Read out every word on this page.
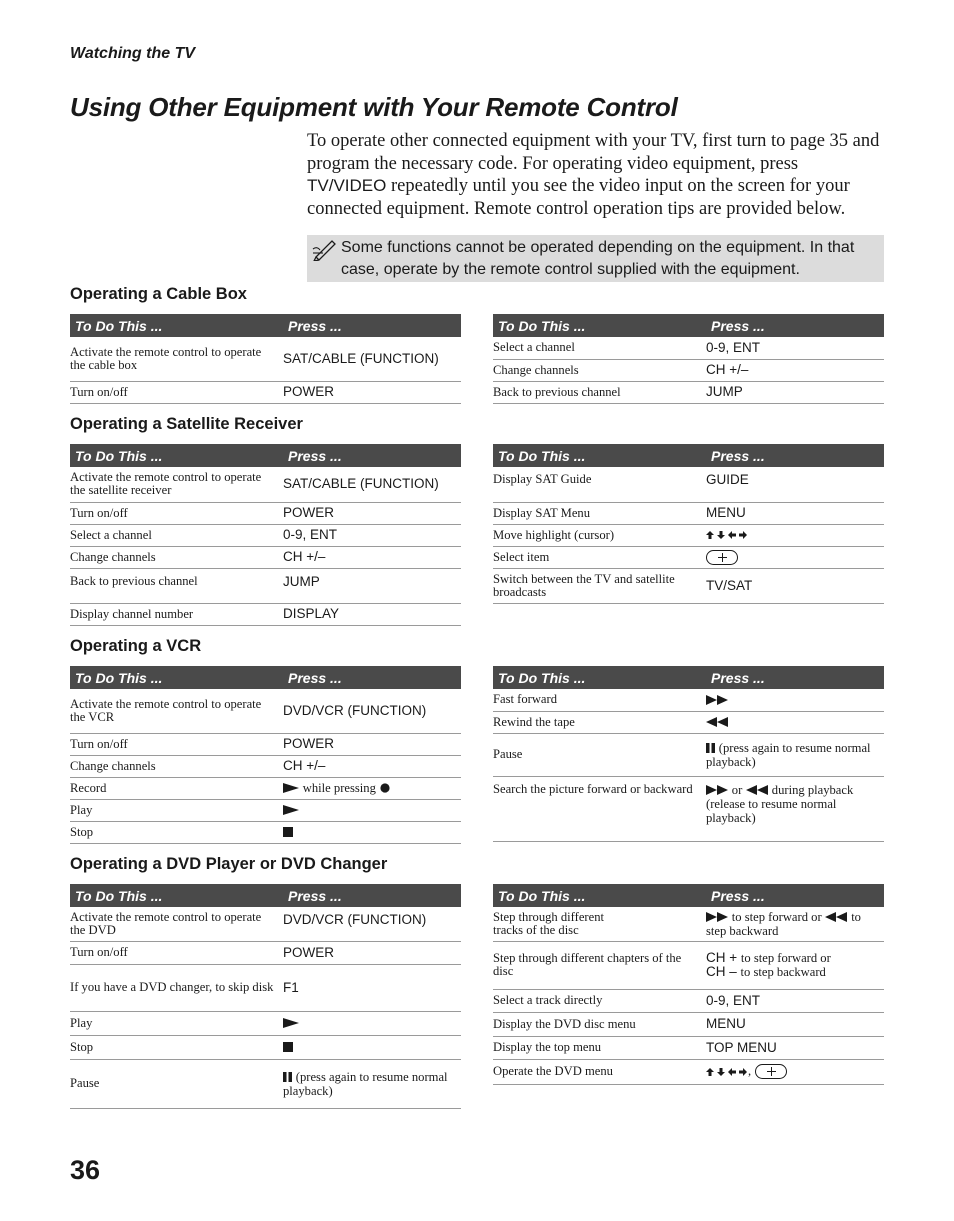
Watching the TV
Using Other Equipment with Your Remote Control
To operate other connected equipment with your TV, first turn to page 35 and program the necessary code. For operating video equipment, press TV/VIDEO repeatedly until you see the video input on the screen for your connected equipment. Remote control operation tips are provided below.
Some functions cannot be operated depending on the equipment. In that case, operate by the remote control supplied with the equipment.
Operating a Cable Box
To Do This ...	Press ...
Activate the remote control to operate the cable box	SAT/CABLE (FUNCTION)
Turn on/off	POWER
To Do This ...	Press ...
Select a channel	0-9, ENT
Change channels	CH +/–
Back to previous channel	JUMP
Operating a Satellite Receiver
To Do This ...	Press ...
Activate the remote control to operate the satellite receiver	SAT/CABLE (FUNCTION)
Turn on/off	POWER
Select a channel	0-9, ENT
Change channels	CH +/–
Back to previous channel	JUMP
Display channel number	DISPLAY
To Do This ...	Press ...
Display SAT Guide	GUIDE
Display SAT Menu	MENU
Move highlight (cursor)	
Select item	
Switch between the TV and satellite broadcasts	TV/SAT
Operating a VCR
To Do This ...	Press ...
Activate the remote control to operate the VCR	DVD/VCR (FUNCTION)
Turn on/off	POWER
Change channels	CH +/–
Record	while pressing
Play	
Stop	
To Do This ...	Press ...
Fast forward	
Rewind the tape	
Pause	(press again to resume normal playback)
Search the picture forward or backward	or during playback (release to resume normal playback)
Operating a DVD Player or DVD Changer
To Do This ...	Press ...
Activate the remote control to operate the DVD	DVD/VCR (FUNCTION)
Turn on/off	POWER
If you have a DVD changer, to skip disk	F1
Play	
Stop	
Pause	(press again to resume normal playback)
To Do This ...	Press ...
Step through different tracks of the disc	to step forward or to step backward
Step through different chapters of the disc	CH + to step forward or
CH – to step backward
Select a track directly	0-9, ENT
Display the DVD disc menu	MENU
Display the top menu	TOP MENU
Operate the DVD menu	,
36
